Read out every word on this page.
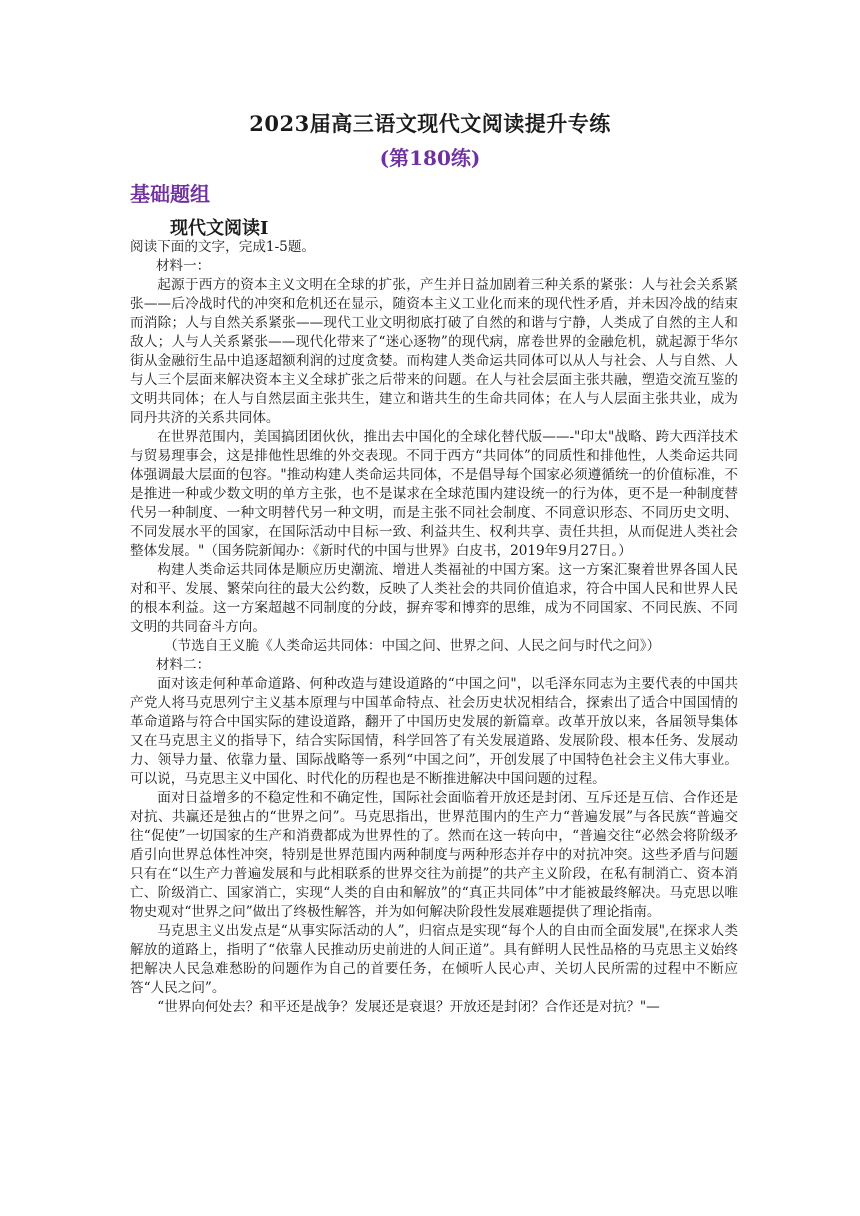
2023届高三语文现代文阅读提升专练
(第180练)
基础题组
现代文阅读Ⅰ

阅读下面的文字，完成1-5题。

材料一：

起源于西方的资本主义文明在全球的扩张，产生并日益加剧着三种关系的紧张：人与社会关系紧张——后冷战时代的冲突和危机还在显示，随资本主义工业化而来的现代性矛盾，并未因冷战的结束而消除；人与自然关系紧张——现代工业文明彻底打破了自然的和谐与宁静，人类成了自然的主人和敌人；人与人关系紧张——现代化带来了“迷心逐物”的现代病，席卷世界的金融危机，就起源于华尔街从金融衍生品中追逐超额利润的过度贪婪。而构建人类命运共同体可以从人与社会、人与自然、人与人三个层面来解决资本主义全球扩张之后带来的问题。在人与社会层面主张共融，塑造交流互鉴的文明共同体；在人与自然层面主张共生，建立和谐共生的生命共同体；在人与人层面主张共业，成为同丹共济的关系共同体。

在世界范围内，美国搞团团伙伙，推出去中国化的全球化替代版——-"印太"战略、跨大西洋技术与贸易理事会，这是排他性思维的外交表现。不同于西方“共同体”的同质性和排他性，人类命运共同体强调最大层面的包容。"推动构建人类命运共同体，不是倡导每个国家必须遵循统一的价值标准，不是推进一种或少数文明的单方主张，也不是谋求在全球范围内建设统一的行为体，更不是一种制度替代另一种制度、一种文明替代另一种文明，而是主张不同社会制度、不同意识形态、不同历史文明、不同发展水平的国家，在国际活动中目标一致、利益共生、权利共享、责任共担，从而促进人类社会整体发展。"（国务院新闻办：《新时代的中国与世界》白皮书，2019年9月27日。）

构建人类命运共同体是顺应历史潮流、增进人类福祉的中国方案。这一方案汇聚着世界各国人民对和平、发展、繁荣向往的最大公约数，反映了人类社会的共同价值追求，符合中国人民和世界人民的根本利益。这一方案超越不同制度的分歧，摒弃零和博弈的思维，成为不同国家、不同民族、不同文明的共同奋斗方向。

（节选自王义脆《人类命运共同体：中国之问、世界之问、人民之问与时代之问》）

材料二：

面对该走何种革命道路、何种改造与建设道路的“中国之问"，以毛泽东同志为主要代表的中国共产党人将马克思列宁主义基本原理与中国革命特点、社会历史状况相结合，探索出了适合中国国情的革命道路与符合中国实际的建设道路，翻开了中国历史发展的新篇章。改革开放以来，各届领导集体又在马克思主义的指导下，结合实际国情，科学回答了有关发展道路、发展阶段、根本任务、发展动力、领导力量、依靠力量、国际战略等一系列“中国之问”，开创发展了中国特色社会主义伟大事业。可以说，马克思主义中国化、时代化的历程也是不断推进解决中国问题的过程。

面对日益增多的不稳定性和不确定性，国际社会面临着开放还是封闭、互斥还是互信、合作还是对抗、共赢还是独占的“世界之问”。马克思指出，世界范围内的生产力“普遍发展”与各民族“普遍交往“促使”一切国家的生产和消费都成为世界性的了。然而在这一转向中，“普遍交往“必然会将阶级矛盾引向世界总体性冲突，特别是世界范围内两种制度与两种形态并存中的对抗冲突。这些矛盾与问题只有在“以生产力普遍发展和与此相联系的世界交往为前提”的共产主义阶段，在私有制消亡、资本消亡、阶级消亡、国家消亡，实现“人类的自由和解放”的“真正共同体”中才能被最终解决。马克思以唯物史观对“世界之问”做出了终极性解答，并为如何解决阶段性发展难题提供了理论指南。

马克思主义出发点是“从事实际活动的人”，归宿点是实现“每个人的自由而全面发展",在探求人类解放的道路上，指明了“依靠人民推动历史前进的人间正道”。具有鲜明人民性品格的马克思主义始终把解决人民急难愁盼的问题作为自己的首要任务，在倾听人民心声、关切人民所需的过程中不断应答“人民之问”。

“世界向何处去？和平还是战争？发展还是衰退？开放还是封闭？合作还是对抗？"—
